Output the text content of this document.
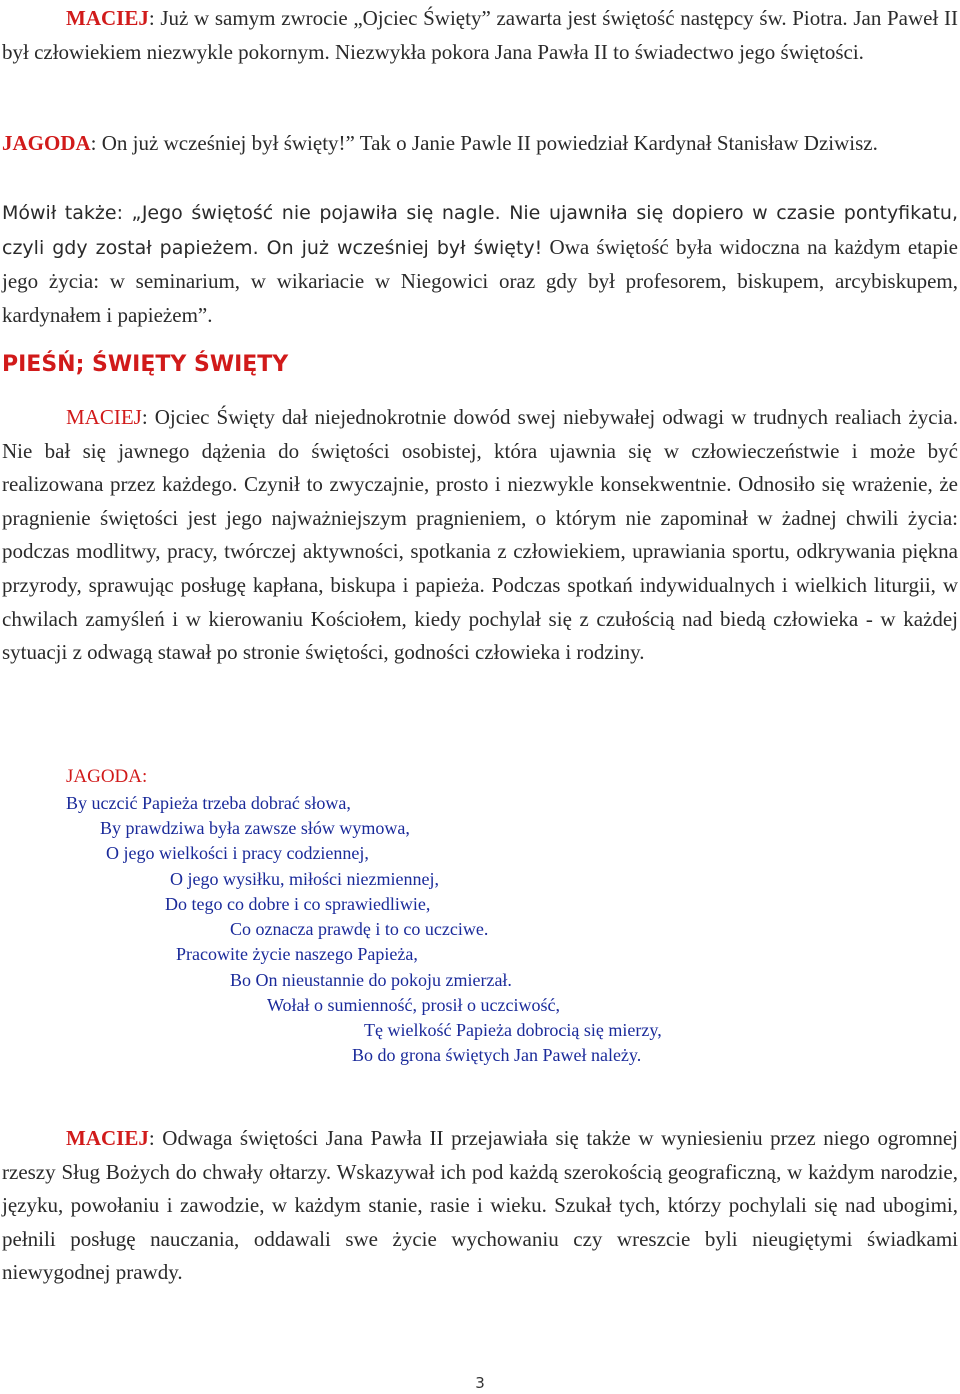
MACIEJ: Już w samym zwrocie „Ojciec Święty” zawarta jest świętość następcy św. Piotra. Jan Paweł II był człowiekiem niezwykle pokornym. Niezwykła pokora Jana Pawła II to świadectwo jego świętości.

JAGODA: On już wcześniej był święty!” Tak o Janie Pawle II powiedział Kardynał Stanisław Dziwisz.

Mówił także: „Jego świętość nie pojawiła się nagle. Nie ujawniła się dopiero w czasie pontyfikatu, czyli gdy został papieżem. On już wcześniej był święty! Owa świętość była widoczna na każdym etapie jego życia: w seminarium, w wikariacie w Niegowici oraz gdy był profesorem, biskupem, arcybiskupem, kardynałem i papieżem”.

PIEŚŃ; ŚWIĘTY ŚWIĘTY

MACIEJ: Ojciec Święty dał niejednokrotnie dowód swej niebywałej odwagi w trudnych realiach życia. Nie bał się jawnego dążenia do świętości osobistej, która ujawnia się w człowieczeństwie i może być realizowana przez każdego. Czynił to zwyczajnie, prosto i niezwykle konsekwentnie. Odnosiło się wrażenie, że pragnienie świętości jest jego najważniejszym pragnieniem, o którym nie zapominał w żadnej chwili życia: podczas modlitwy, pracy, twórczej aktywności, spotkania z człowiekiem, uprawiania sportu, odkrywania piękna przyrody, sprawując posługę kapłana, biskupa i papieża. Podczas spotkań indywidualnych i wielkich liturgii, w chwilach zamyśleń i w kierowaniu Kościołem, kiedy pochylał się z czułością nad biedą człowieka - w każdej sytuacji z odwagą stawał po stronie świętości, godności człowieka i rodziny.

JAGODA:

By uczcić Papieża trzeba dobrać słowa,

By prawdziwa była zawsze słów wymowa,

O jego wielkości i pracy codziennej,

O jego wysiłku, miłości niezmiennej,

Do tego co dobre i co sprawiedliwie,

Co oznacza prawdę i to co uczciwe.

Pracowite życie naszego Papieża,

Bo On nieustannie do pokoju zmierzał.

Wołał o sumienność, prosił o uczciwość,

Tę wielkość Papieża dobrocią się mierzy,

Bo do grona świętych Jan Paweł należy.

MACIEJ: Odwaga świętości Jana Pawła II przejawiała się także w wyniesieniu przez niego ogromnej rzeszy Sług Bożych do chwały ołtarzy. Wskazywał ich pod każdą szerokością geograficzną, w każdym narodzie, języku, powołaniu i zawodzie, w każdym stanie, rasie i wieku. Szukał tych, którzy pochylali się nad ubogimi, pełnili posługę nauczania, oddawali swe życie wychowaniu czy wreszcie byli nieugiętymi świadkami niewygodnej prawdy.

3
